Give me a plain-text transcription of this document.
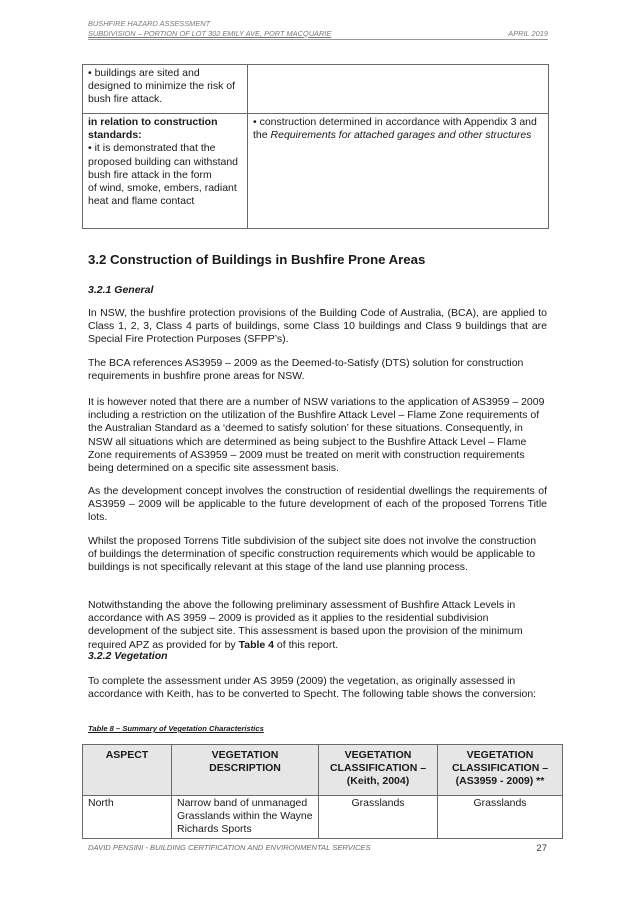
BUSHFIRE HAZARD ASSESSMENT
SUBDIVISION – PORTION OF LOT 302 EMILY AVE, PORT MACQUARIE	APRIL 2019
• buildings are sited and designed to minimize the risk of bush fire attack.	

in relation to construction standards:
• it is demonstrated that the proposed building can withstand bush fire attack in the form
of wind, smoke, embers, radiant heat and flame contact	• construction determined in accordance with Appendix 3 and the Requirements for attached garages and other structures
3.2 Construction of Buildings in Bushfire Prone Areas
3.2.1 General

In NSW, the bushfire protection provisions of the Building Code of Australia, (BCA), are applied to Class 1, 2, 3, Class 4 parts of buildings, some Class 10 buildings and Class 9 buildings that are Special Fire Protection Purposes (SFPP’s).

The BCA references AS3959 – 2009 as the Deemed-to-Satisfy (DTS) solution for construction requirements in bushfire prone areas for NSW.

It is however noted that there are a number of NSW variations to the application of AS3959 – 2009 including a restriction on the utilization of the Bushfire Attack Level – Flame Zone requirements of the Australian Standard as a ‘deemed to satisfy solution’ for these situations. Consequently, in NSW all situations which are determined as being subject to the Bushfire Attack Level – Flame Zone requirements of AS3959 – 2009 must be treated on merit with construction requirements being determined on a specific site assessment basis.

As the development concept involves the construction of residential dwellings the requirements of AS3959 – 2009 will be applicable to the future development of each of the proposed Torrens Title lots.

Whilst the proposed Torrens Title subdivision of the subject site does not involve the construction of buildings the determination of specific construction requirements which would be applicable to buildings is not specifically relevant at this stage of the land use planning process.

Notwithstanding the above the following preliminary assessment of Bushfire Attack Levels in accordance with AS 3959 – 2009 is provided as it applies to the residential subdivision development of the subject site. This assessment is based upon the provision of the minimum required APZ as provided for by Table 4 of this report.

3.2.2 Vegetation

To complete the assessment under AS 3959 (2009) the vegetation, as originally assessed in accordance with Keith, has to be converted to Specht. The following table shows the conversion:

Table 8 – Summary of Vegetation Characteristics
ASPECT	VEGETATION DESCRIPTION	VEGETATION CLASSIFICATION – (Keith, 2004)	VEGETATION CLASSIFICATION – (AS3959 - 2009) **
North	Narrow band of unmanaged Grasslands within the Wayne Richards Sports	Grasslands	Grasslands
DAVID PENSINI - BUILDING CERTIFICATION AND ENVIRONMENTAL SERVICES	27
